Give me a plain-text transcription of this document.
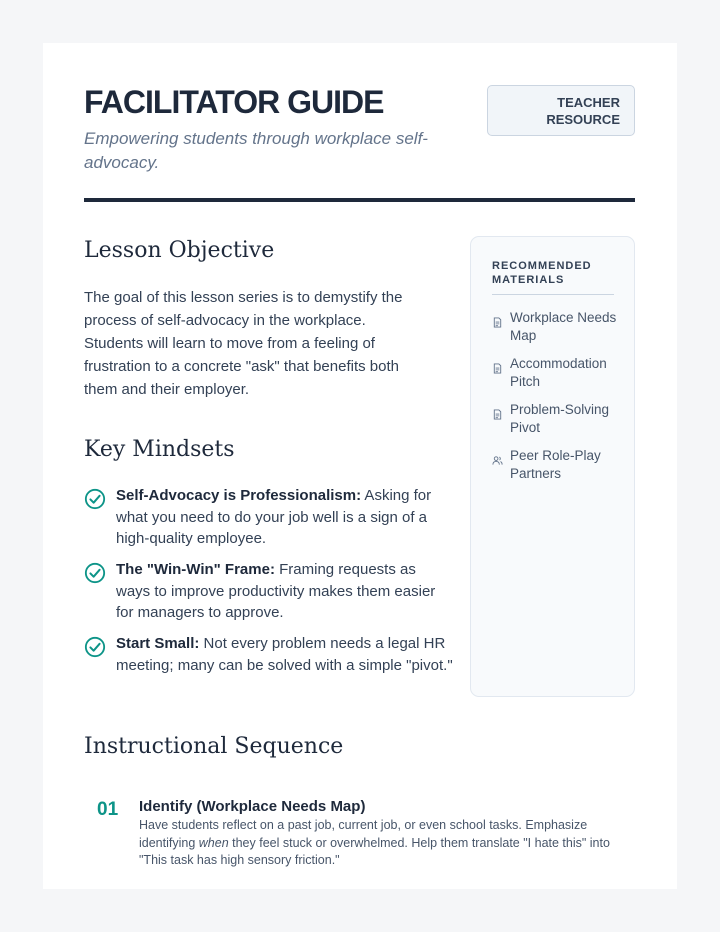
FACILITATOR GUIDE
Empowering students through workplace self-advocacy.
TEACHER
RESOURCE
Lesson Objective
The goal of this lesson series is to demystify the process of self-advocacy in the workplace. Students will learn to move from a feeling of frustration to a concrete "ask" that benefits both them and their employer.
Key Mindsets
Self-Advocacy is Professionalism: Asking for what you need to do your job well is a sign of a high-quality employee.
The "Win-Win" Frame: Framing requests as ways to improve productivity makes them easier for managers to approve.
Start Small: Not every problem needs a legal HR meeting; many can be solved with a simple "pivot."
RECOMMENDED MATERIALS
Workplace Needs Map
Accommodation Pitch
Problem-Solving Pivot
Peer Role-Play Partners
Instructional Sequence
01 Identify (Workplace Needs Map)
Have students reflect on a past job, current job, or even school tasks. Emphasize identifying when they feel stuck or overwhelmed. Help them translate "I hate this" into "This task has high sensory friction."
